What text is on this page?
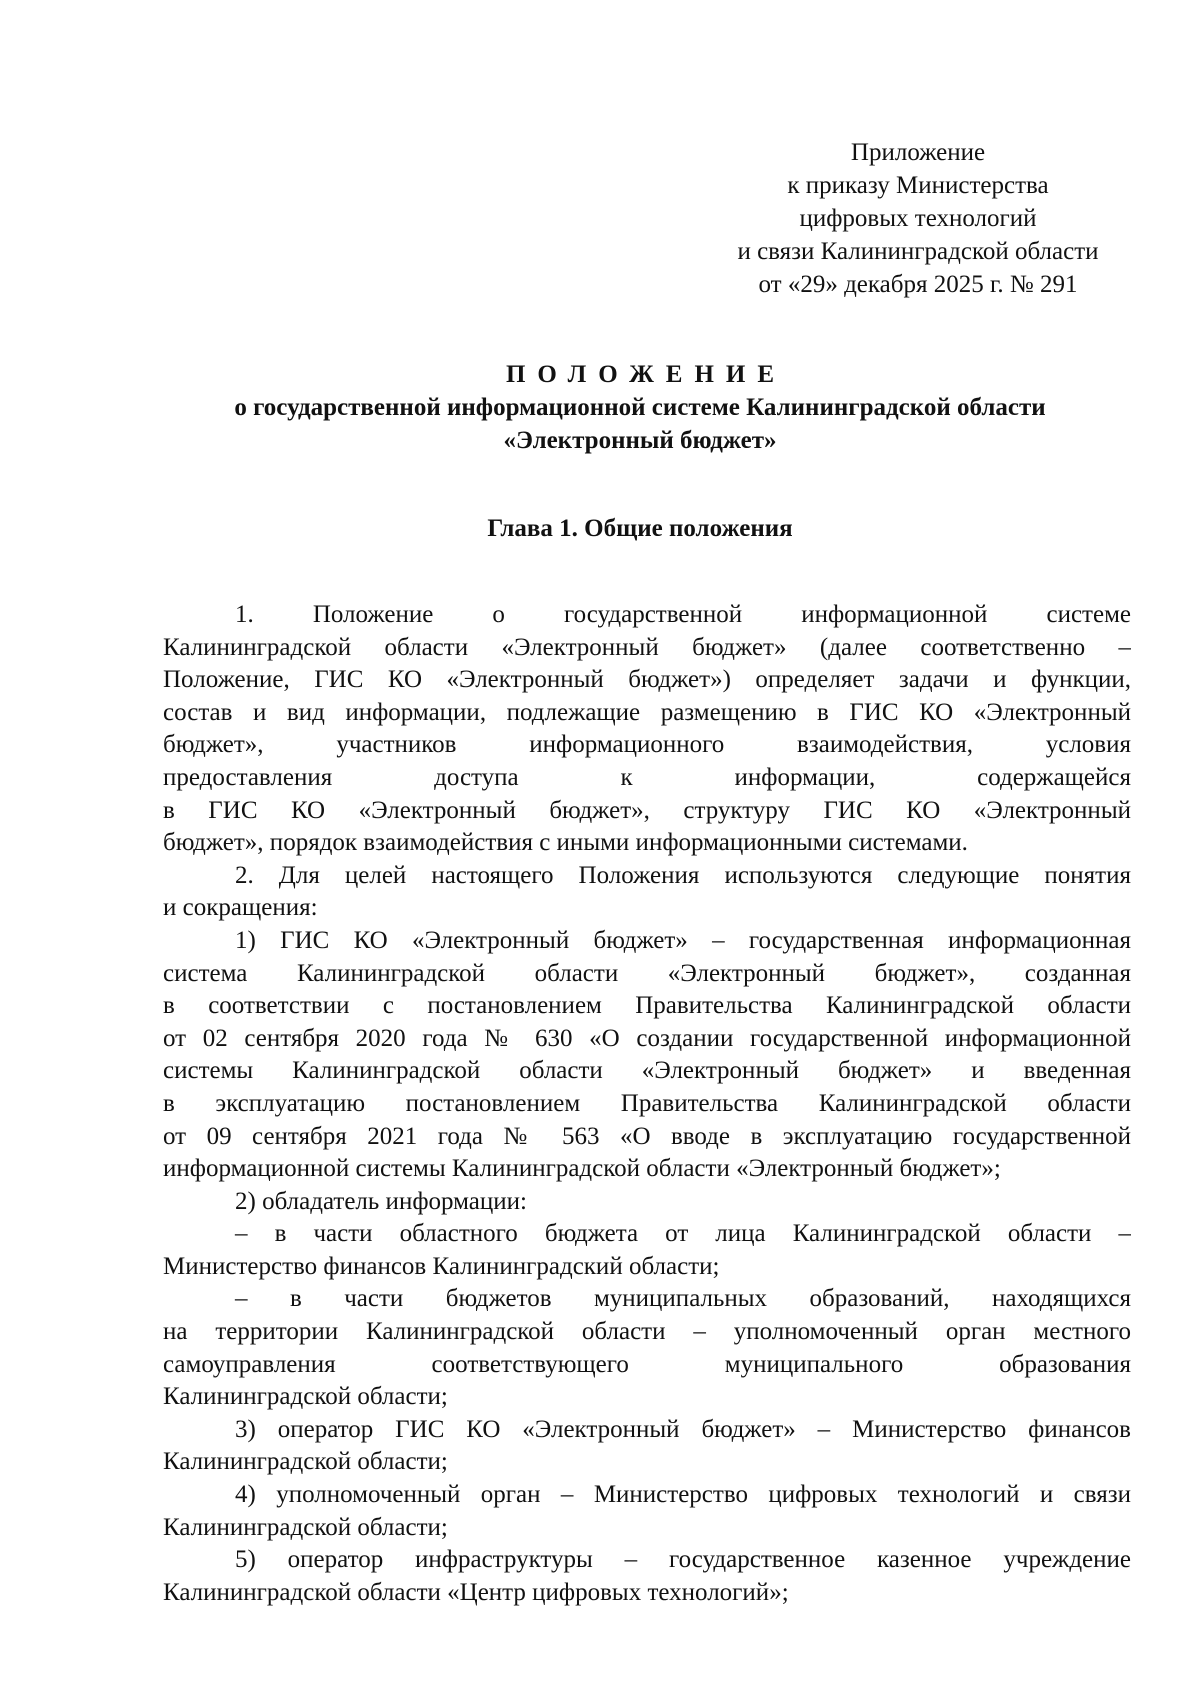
Приложение
к приказу Министерства
цифровых технологий
и связи Калининградской области
от «29» декабря 2025 г. № 291
ПОЛОЖЕНИЕ
о государственной информационной системе Калининградской области
«Электронный бюджет»
Глава 1. Общие положения
1. Положение о государственной информационной системе
Калининградской области «Электронный бюджет» (далее соответственно –
Положение, ГИС КО «Электронный бюджет») определяет задачи и функции,
состав и вид информации, подлежащие размещению в ГИС КО «Электронный
бюджет», участников информационного взаимодействия, условия
предоставления доступа к информации, содержащейся
в ГИС КО «Электронный бюджет», структуру ГИС КО «Электронный
бюджет», порядок взаимодействия с иными информационными системами.
2. Для целей настоящего Положения используются следующие понятия
и сокращения:
1) ГИС КО «Электронный бюджет» – государственная информационная
система Калининградской области «Электронный бюджет», созданная
в соответствии с постановлением Правительства Калининградской области
от 02 сентября 2020 года № 630 «О создании государственной информационной
системы Калининградской области «Электронный бюджет» и введенная
в эксплуатацию постановлением Правительства Калининградской области
от 09 сентября 2021 года № 563 «О вводе в эксплуатацию государственной
информационной системы Калининградской области «Электронный бюджет»;
2) обладатель информации:
– в части областного бюджета от лица Калининградской области –
Министерство финансов Калининградский области;
– в части бюджетов муниципальных образований, находящихся
на территории Калининградской области – уполномоченный орган местного
самоуправления соответствующего муниципального образования
Калининградской области;
3) оператор ГИС КО «Электронный бюджет» – Министерство финансов
Калининградской области;
4) уполномоченный орган – Министерство цифровых технологий и связи
Калининградской области;
5) оператор инфраструктуры – государственное казенное учреждение
Калининградской области «Центр цифровых технологий»;
